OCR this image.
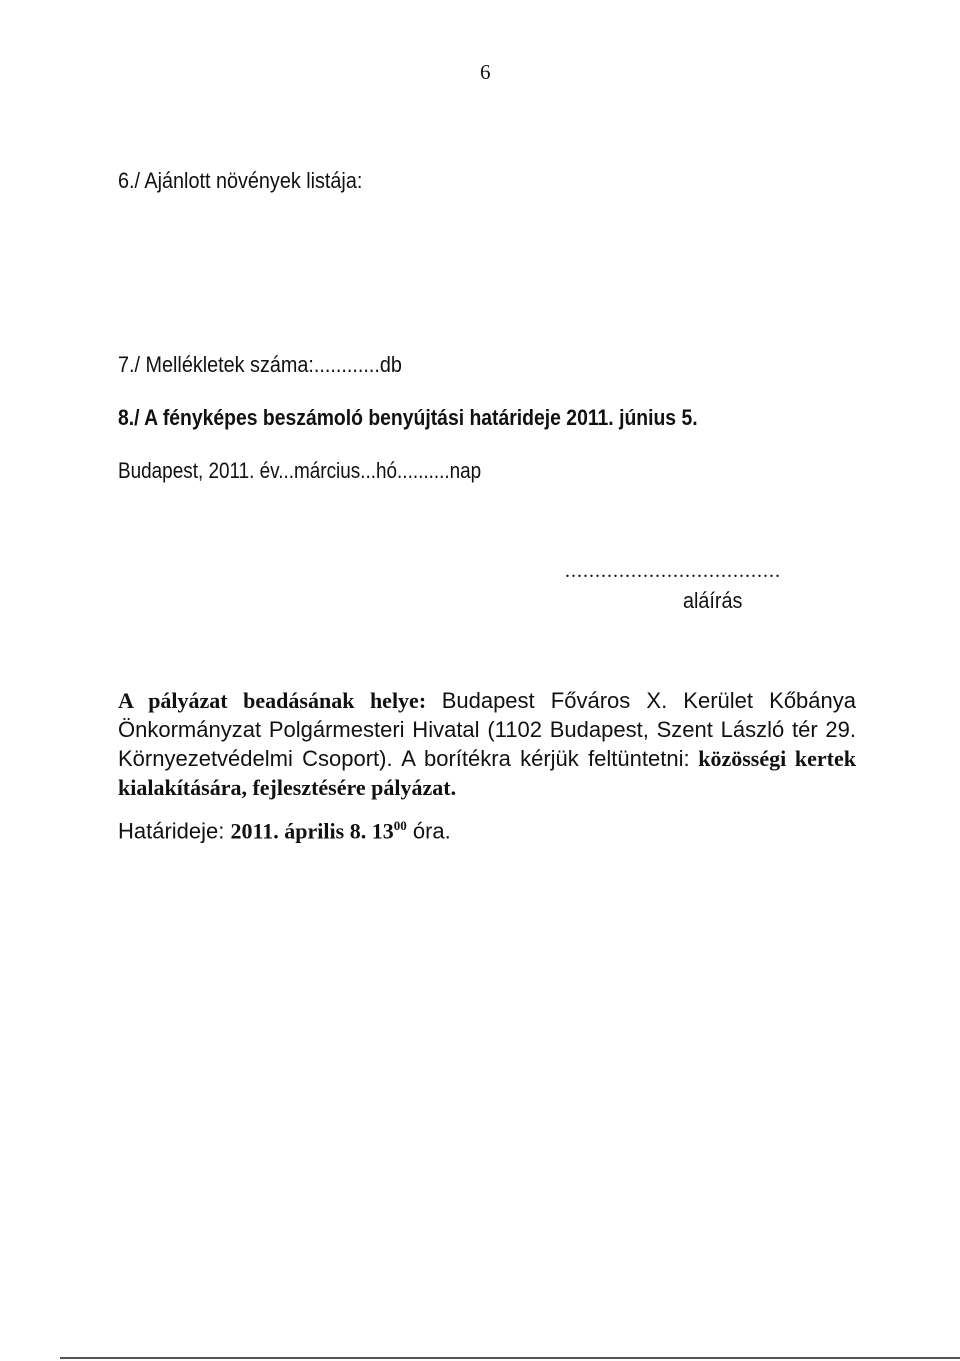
6
6./ Ajánlott növények listája:
7./ Mellékletek száma:............db
8./ A fényképes beszámoló benyújtási határideje 2011. június 5.
Budapest, 2011. év...március...hó..........nap
....................................
aláírás
A pályázat beadásának helye: Budapest Főváros X. Kerület Kőbánya Önkormányzat Polgármesteri Hivatal (1102 Budapest, Szent László tér 29. Környezetvédelmi Csoport). A borítékra kérjük feltüntetni: közösségi kertek kialakítására, fejlesztésére pályázat.
Határideje: 2011. április 8. $13^{00}$ óra.
